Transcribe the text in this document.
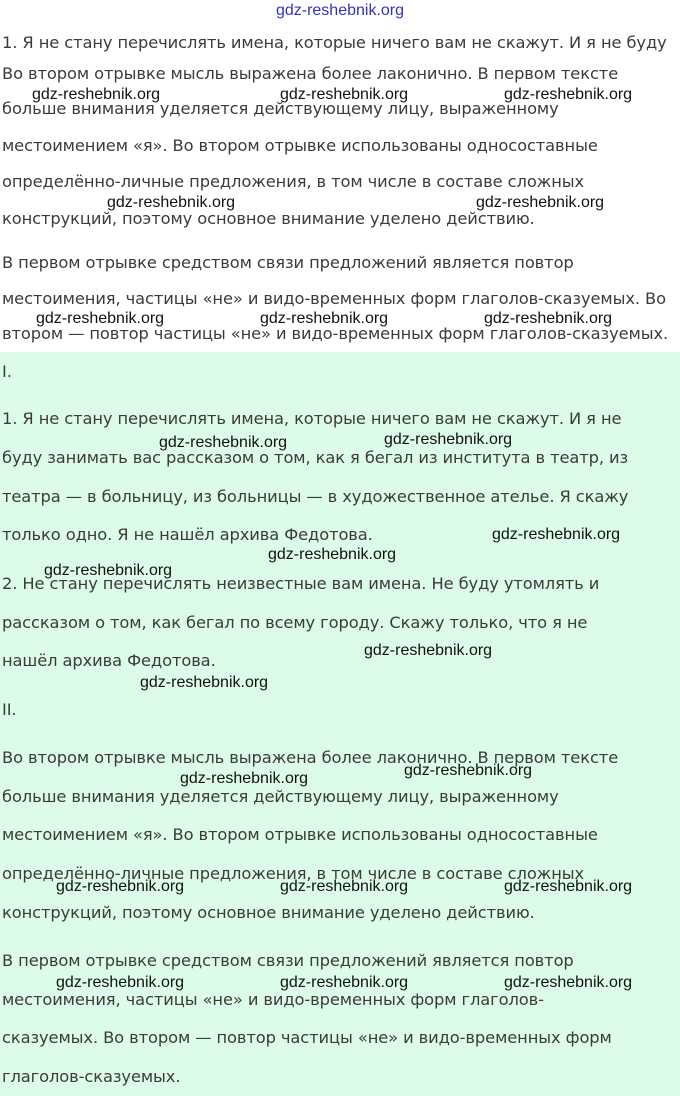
gdz-reshebnik.org
1. Я не стану перечислять имена, которые ничего вам не скажут. И я не буду
Во втором отрывке мысль выражена более лаконично. В первом тексте
больше внимания уделяется действующему лицу, выраженному
местоимением «я». Во втором отрывке использованы односоставные
определённо-личные предложения, в том числе в составе сложных
конструкций, поэтому основное внимание уделено действию.
В первом отрывке средством связи предложений является повтор
местоимения, частицы «не» и видо-временных форм глаголов-сказуемых. Во
втором — повтор частицы «не» и видо-временных форм глаголов-сказуемых.
I.
1. Я не стану перечислять имена, которые ничего вам не скажут. И я не
буду занимать вас рассказом о том, как я бегал из института в театр, из
театра — в больницу, из больницы — в художественное ателье. Я скажу
только одно. Я не нашёл архива Федотова.
2. Не стану перечислять неизвестные вам имена. Не буду утомлять и
рассказом о том, как бегал по всему городу. Скажу только, что я не
нашёл архива Федотова.
II.
Во втором отрывке мысль выражена более лаконично. В первом тексте
больше внимания уделяется действующему лицу, выраженному
местоимением «я». Во втором отрывке использованы односоставные
определённо-личные предложения, в том числе в составе сложных
конструкций, поэтому основное внимание уделено действию.
В первом отрывке средством связи предложений является повтор
местоимения, частицы «не» и видо-временных форм глаголов-
сказуемых. Во втором — повтор частицы «не» и видо-временных форм
глаголов-сказуемых.
gdz-reshebnik.org	gdz-reshebnik.org	gdz-reshebnik.org
gdz-reshebnik.org	gdz-reshebnik.org
gdz-reshebnik.org	gdz-reshebnik.org	gdz-reshebnik.org
gdz-reshebnik.org	gdz-reshebnik.org
gdz-reshebnik.org
gdz-reshebnik.org
gdz-reshebnik.org
gdz-reshebnik.org
gdz-reshebnik.org
gdz-reshebnik.org
gdz-reshebnik.org
gdz-reshebnik.org	gdz-reshebnik.org	gdz-reshebnik.org
gdz-reshebnik.org	gdz-reshebnik.org	gdz-reshebnik.org
